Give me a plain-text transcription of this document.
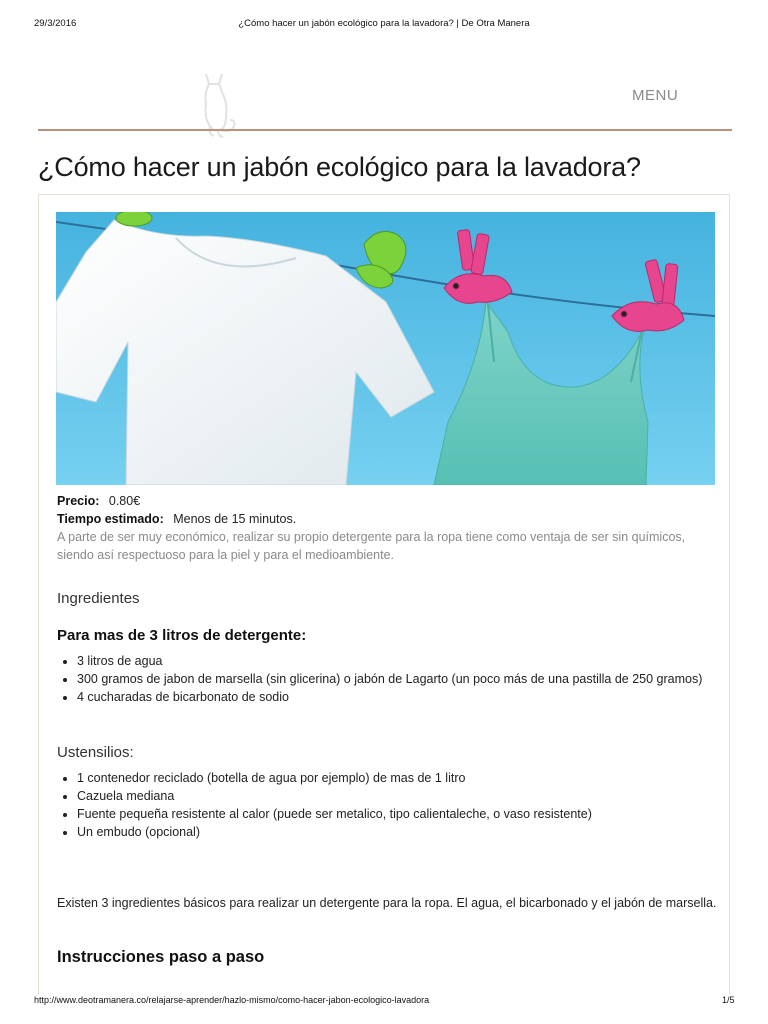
29/3/2016	¿Cómo hacer un jabón ecológico para la lavadora? | De Otra Manera
MENU
¿Cómo hacer un jabón ecológico para la lavadora?
Precio: 0.80€
Tiempo estimado: Menos de 15 minutos.

A parte de ser muy económico, realizar su propio detergente para la ropa tiene como ventaja de ser sin químicos, siendo así respectuoso para la piel y para el medioambiente.

Ingredientes
Para mas de 3 litros de detergente:
• 3 litros de agua
• 300 gramos de jabon de marsella (sin glicerina) o jabón de Lagarto (un poco más de una pastilla de 250 gramos)
• 4 cucharadas de bicarbonato de sodio
Ustensilios:
• 1 contenedor reciclado (botella de agua por ejemplo) de mas de 1 litro
• Cazuela mediana
• Fuente pequeña resistente al calor (puede ser metalico, tipo calientaleche, o vaso resistente)
• Un embudo (opcional)

Existen 3 ingredientes básicos para realizar un detergente para la ropa. El agua, el bicarbonado y el jabón de marsella.

Instrucciones paso a paso
http://www.deotramanera.co/relajarse-aprender/hazlo-mismo/como-hacer-jabon-ecologico-lavadora	1/5
